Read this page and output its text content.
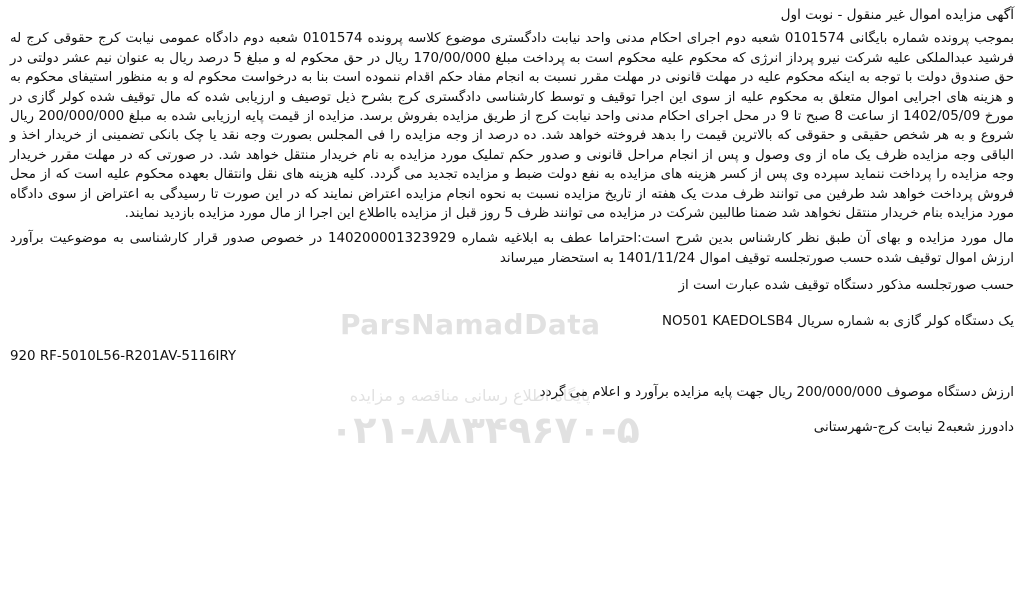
آگهی مزایده اموال غیر منقول - نوبت اول

بموجب پرونده شماره بایگانی 0101574 شعبه دوم اجرای احکام مدنی واحد نیابت دادگستری موضوع کلاسه پرونده 0101574 شعبه دوم دادگاه عمومی نیابت کرج حقوقی کرج له فرشید عبدالملکی علیه شرکت نیرو پرداز انرژی که محکوم علیه محکوم است به پرداخت مبلغ 170/00/000 ریال در حق محکوم له و مبلغ 5 درصد ریال به عنوان نیم عشر دولتی در حق صندوق دولت با توجه به اینکه محکوم علیه در مهلت قانونی در مهلت مقرر نسبت به انجام مفاد حکم اقدام ننموده است بنا به درخواست محکوم له و به منظور استیفای محکوم به و هزینه های اجرایی اموال متعلق به محکوم علیه از سوی این اجرا توقیف و توسط کارشناسی دادگستری کرج بشرح ذیل توصیف و ارزیابی شده که مال توقیف شده کولر گازی در مورخ 1402/05/09 از ساعت 8 صبح تا 9 در محل اجرای احکام مدنی واحد نیابت کرج از طریق مزایده بفروش برسد. مزایده از قیمت پایه ارزیابی شده به مبلغ 200/000/000 ریال شروع و به هر شخص حقیقی و حقوقی که بالاترین قیمت را بدهد فروخته خواهد شد. ده درصد از وجه مزایده را فی المجلس بصورت وجه نقد یا چک بانکی تضمینی از خریدار اخذ و الباقی وجه مزایده ظرف یک ماه از وی وصول و پس از انجام مراحل قانونی و صدور حکم تملیک مورد مزایده به نام خریدار منتقل خواهد شد. در صورتی که در مهلت مقرر خریدار وجه مزایده را پرداخت ننماید سپرده وی پس از کسر هزینه های مزایده به نفع دولت ضبط و مزایده تجدید می گردد. کلیه هزینه های نقل وانتقال بعهده محکوم علیه است که از محل فروش پرداخت خواهد شد طرفین می توانند ظرف مدت یک هفته از تاریخ مزایده نسبت به نحوه انجام مزایده اعتراض نمایند که در این صورت تا رسیدگی به اعتراض از سوی دادگاه مورد مزایده بنام خریدار منتقل نخواهد شد ضمنا طالبین شرکت در مزایده می توانند ظرف 5 روز قبل از مزایده بااطلاع این اجرا از مال مورد مزایده بازدید نمایند.

مال مورد مزایده و بهای آن طبق نظر کارشناس بدین شرح است:احتراما عطف به ابلاغیه شماره 140200001323929 در خصوص صدور قرار کارشناسی به موضوعیت برآورد ارزش اموال توقیف شده حسب صورتجلسه توقیف اموال 1401/11/24 به استحضار میرساند

حسب صورتجلسه مذکور دستگاه توقیف شده عبارت است از

یک دستگاه کولر گازی به شماره سریال NO501 KAEDOLSB4

920 RF-5010L56-R201AV-5116IRY

ارزش دستگاه موصوف 200/000/000 ریال جهت پایه مزایده برآورد و اعلام می گردد

دادورز شعبه2 نیابت کرج-شهرستانی

ParsNamadData
پایگاه اطلاع رسانی مناقصه و مزایده
۰۲۱-۸۸۳۴۹۶۷۰-۵
